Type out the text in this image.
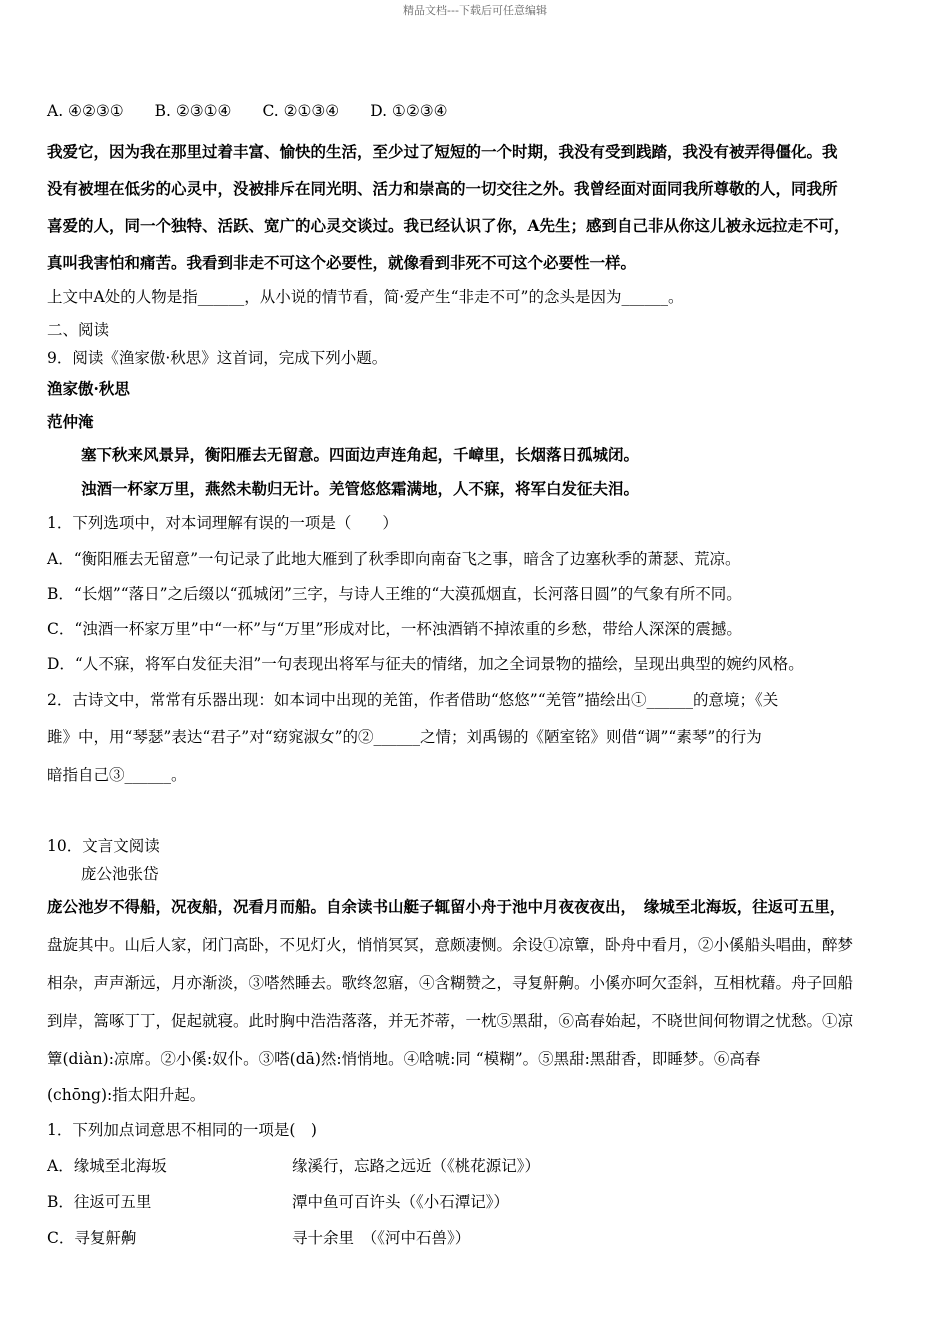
精品文档---下载后可任意编辑

A. ④②③①　　B. ②③①④　　C. ②①③④　　D. ①②③④

我爱它，因为我在那里过着丰富、愉快的生活，至少过了短短的一个时期，我没有受到践踏，我没有被弄得僵化。我

没有被埋在低劣的心灵中，没被排斥在同光明、活力和崇高的一切交往之外。我曾经面对面同我所尊敬的人，同我所

喜爱的人，同一个独特、活跃、宽广的心灵交谈过。我已经认识了你，A先生；感到自己非从你这儿被永远拉走不可，

真叫我害怕和痛苦。我看到非走不可这个必要性，就像看到非死不可这个必要性一样。

上文中A处的人物是指______，从小说的情节看，简·爱产生“非走不可”的念头是因为______。

二、阅读

9．阅读《渔家傲·秋思》这首词，完成下列小题。

渔家傲·秋思

范仲淹

塞下秋来风景异，衡阳雁去无留意。四面边声连角起，千嶂里，长烟落日孤城闭。

浊酒一杯家万里，燕然未勒归无计。羌管悠悠霜满地，人不寐，将军白发征夫泪。

1．下列选项中，对本词理解有误的一项是（　　）

A．“衡阳雁去无留意”一句记录了此地大雁到了秋季即向南奋飞之事，暗含了边塞秋季的萧瑟、荒凉。

B．“长烟”“落日”之后缀以“孤城闭”三字，与诗人王维的“大漠孤烟直，长河落日圆”的气象有所不同。

C．“浊酒一杯家万里”中“一杯”与“万里”形成对比，一杯浊酒销不掉浓重的乡愁，带给人深深的震撼。

D．“人不寐，将军白发征夫泪”一句表现出将军与征夫的情绪，加之全词景物的描绘，呈现出典型的婉约风格。

2．古诗文中，常常有乐器出现：如本词中出现的羌笛，作者借助“悠悠”“羌管”描绘出①______的意境；《关

雎》中，用“琴瑟”表达“君子”对“窈窕淑女”的②______之情；刘禹锡的《陋室铭》则借“调”“素琴”的行为

暗指自己③______。

10．文言文阅读

庞公池张岱

庞公池岁不得船，况夜船，况看月而船。自余读书山艇子辄留小舟于池中月夜夜夜出，　缘城至北海坂，往返可五里，

盘旋其中。山后人家，闭门高卧，不见灯火，悄悄冥冥，意颇凄恻。余设①凉簟，卧舟中看月，②小傒船头唱曲，醉梦

相杂，声声渐远，月亦渐淡，③嗒然睡去。歌终忽寤，④含糊赞之，寻复鼾齁。小傒亦呵欠歪斜，互相枕藉。舟子回船

到岸，篙啄丁丁，促起就寝。此时胸中浩浩落落，并无芥蒂，一枕⑤黑甜，⑥高春始起，不晓世间何物谓之忧愁。①凉

簟(diàn):凉席。②小傒:奴仆。③嗒(dā)然:悄悄地。④唅唬:同 “模糊”。⑤黑甜:黑甜香，即睡梦。⑥高春

(chōng):指太阳升起。

1．下列加点词意思不相同的一项是(　)

A．缘城至北海坂	缘溪行，忘路之远近（《桃花源记》）
B．往返可五里	潭中鱼可百许头（《小石潭记》）
C．寻复鼾齁	寻十余里　（《河中石兽》）
